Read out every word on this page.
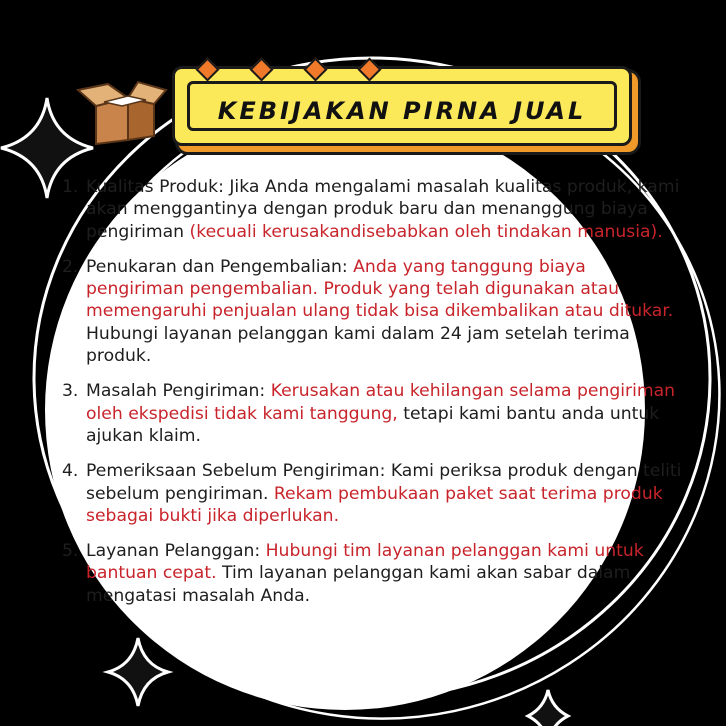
KEBIJAKAN PIRNA JUAL
1. Kualitas Produk: Jika Anda mengalami masalah kualitas produk, kami akan menggantinya dengan produk baru dan menanggung biaya pengiriman (kecuali kerusakandisebabkan oleh tindakan manusia).
2. Penukaran dan Pengembalian: Anda yang tanggung biaya pengiriman pengembalian. Produk yang telah digunakan atau memengaruhi penjualan ulang tidak bisa dikembalikan atau ditukar. Hubungi layanan pelanggan kami dalam 24 jam setelah terima produk.
3. Masalah Pengiriman: Kerusakan atau kehilangan selama pengiriman oleh ekspedisi tidak kami tanggung, tetapi kami bantu anda untuk ajukan klaim.
4. Pemeriksaan Sebelum Pengiriman: Kami periksa produk dengan teliti sebelum pengiriman. Rekam pembukaan paket saat terima produk sebagai bukti jika diperlukan.
5. Layanan Pelanggan: Hubungi tim layanan pelanggan kami untuk bantuan cepat. Tim layanan pelanggan kami akan sabar dalam mengatasi masalah Anda.
